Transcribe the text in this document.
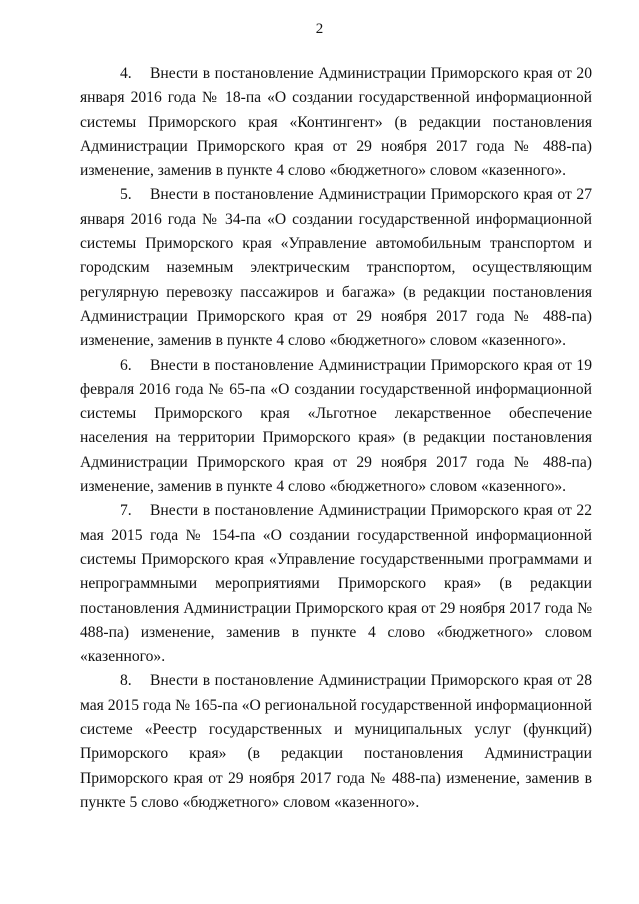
2

4.    Внести в постановление Администрации Приморского края от 20 января 2016 года № 18-па «О создании государственной информационной системы Приморского края «Контингент» (в редакции постановления Администрации Приморского края от 29 ноября 2017 года № 488-па) изменение, заменив в пункте 4 слово «бюджетного» словом «казенного».

5.    Внести в постановление Администрации Приморского края от 27 января 2016 года № 34-па «О создании государственной информационной системы Приморского края «Управление автомобильным транспортом и городским наземным электрическим транспортом, осуществляющим регулярную перевозку пассажиров и багажа» (в редакции постановления Администрации Приморского края от 29 ноября 2017 года № 488-па) изменение, заменив в пункте 4 слово «бюджетного» словом «казенного».

6.    Внести в постановление Администрации Приморского края от 19 февраля 2016 года № 65-па «О создании государственной информационной системы Приморского края «Льготное лекарственное обеспечение населения на территории Приморского края» (в редакции постановления Администрации Приморского края от 29 ноября 2017 года № 488-па) изменение, заменив в пункте 4 слово «бюджетного» словом «казенного».

7.    Внести в постановление Администрации Приморского края от 22 мая 2015 года № 154-па «О создании государственной информационной системы Приморского края «Управление государственными программами и непрограммными мероприятиями Приморского края» (в редакции постановления Администрации Приморского края от 29 ноября 2017 года № 488-па) изменение, заменив в пункте 4 слово «бюджетного» словом «казенного».

8.    Внести в постановление Администрации Приморского края от 28 мая 2015 года № 165-па «О региональной государственной информационной системе «Реестр государственных и муниципальных услуг (функций) Приморского края» (в редакции постановления Администрации Приморского края от 29 ноября 2017 года № 488-па) изменение, заменив в пункте 5 слово «бюджетного» словом «казенного».
